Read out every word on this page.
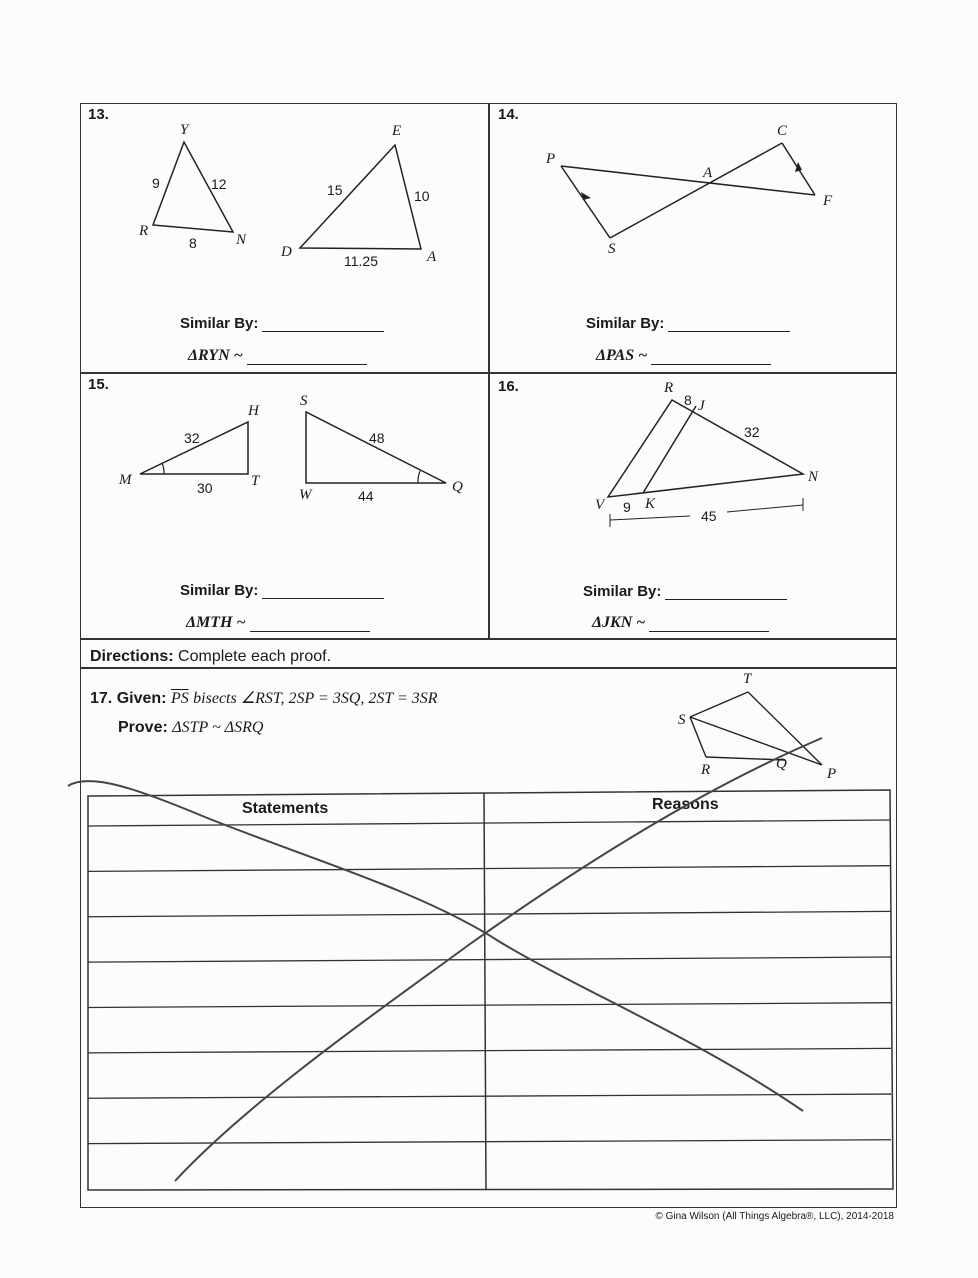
13.
Y
R
N
9	12
8
E
D	A
15	10
11.25
Similar By:
ΔRYN ~
14.
P
C
A
F
S
Similar By:
ΔPAS ~
15.
H
M	T
32
30
S
W	Q
48
44
Similar By:
ΔMTH ~
16.	R
8 J
32
N
V 9 K
45
Similar By:
ΔJKN ~
Directions: Complete each proof.
17. Given: $\overline{PS}$ bisects ∠RST, 2SP = 3SQ, 2ST = 3SR
Prove: ΔSTP ~ ΔSRQ
T
S
R	Q
P
Statements	Reasons
© Gina Wilson (All Things Algebra®, LLC), 2014-2018
